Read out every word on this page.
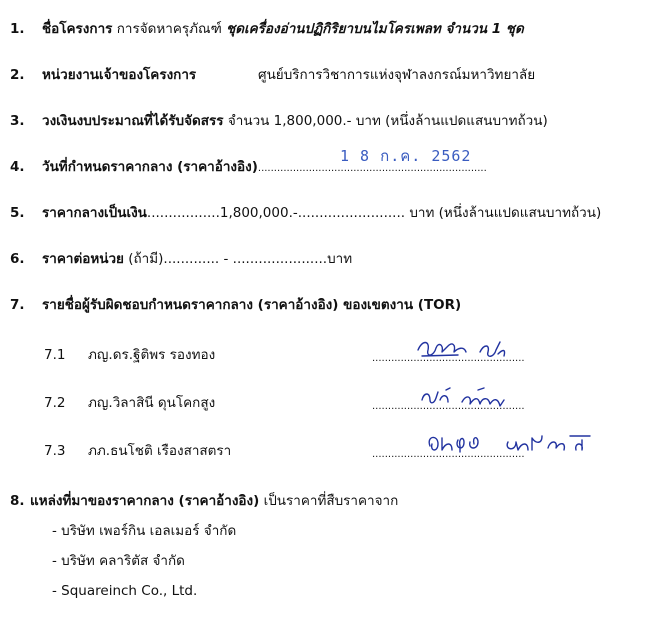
1. ชื่อโครงการ การจัดหาครุภัณฑ์ ชุดเครื่องอ่านปฏิกิริยาบนไมโครเพลท จำนวน 1 ชุด
2. หน่วยงานเจ้าของโครงการ	ศูนย์บริการวิชาการแห่งจุฬาลงกรณ์มหาวิทยาลัย
3. วงเงินงบประมาณที่ได้รับจัดสรร จำนวน 1,800,000.- บาท (หนึ่งล้านแปดแสนบาทถ้วน)
4. วันที่กำหนดราคากลาง (ราคาอ้างอิง)........................................................................
1 8 ก.ค. 2562
5. ราคากลางเป็นเงิน.................1,800,000.-......................... บาท (หนึ่งล้านแปดแสนบาทถ้วน)
6. ราคาต่อหน่วย (ถ้ามี)............. - ......................บาท
7. รายชื่อผู้รับผิดชอบกำหนดราคากลาง (ราคาอ้างอิง) ของเขตงาน (TOR)
7.1 ภญ.ดร.ฐิติพร รองทอง	................................................
7.2 ภญ.วิลาสินี ดุนโคกสูง	................................................
7.3 ภภ.ธนโชติ เรืองสาสตรา	................................................
8. แหล่งที่มาของราคากลาง (ราคาอ้างอิง) เป็นราคาที่สืบราคาจาก
- บริษัท เพอร์กิน เอลเมอร์ จำกัด
- บริษัท คลาริตัส จำกัด
- Squareinch Co., Ltd.
